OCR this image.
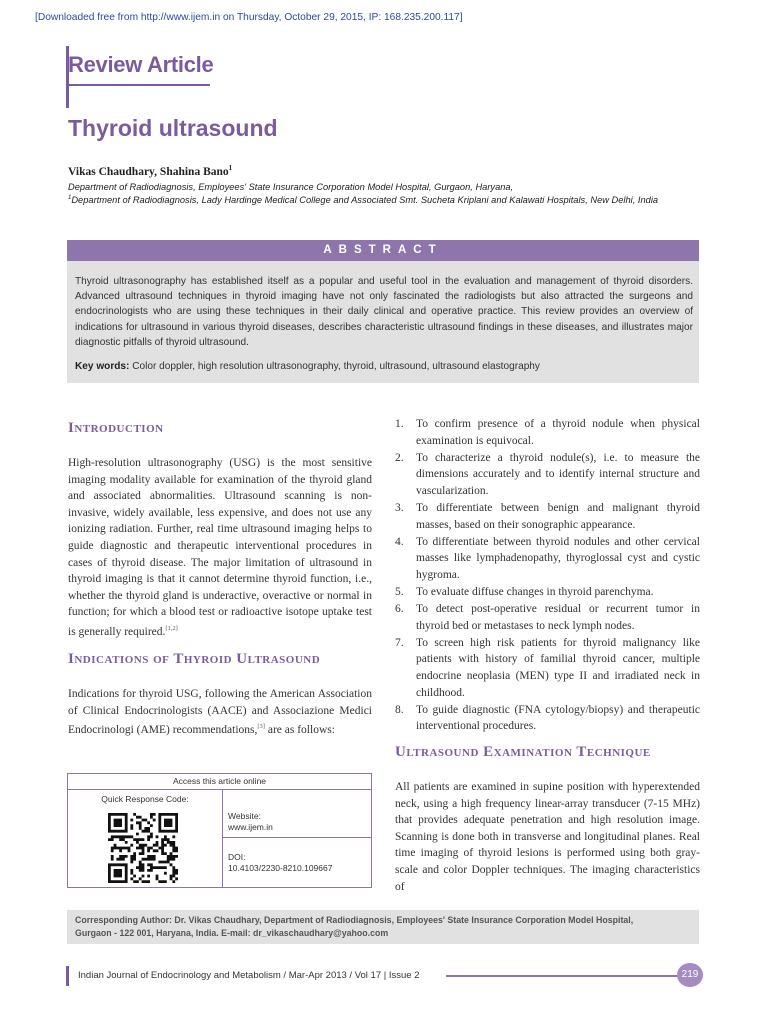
[Downloaded free from http://www.ijem.in on Thursday, October 29, 2015, IP: 168.235.200.117]
Review Article
Thyroid ultrasound
Vikas Chaudhary, Shahina Bano$^1$
Department of Radiodiagnosis, Employees' State Insurance Corporation Model Hospital, Gurgaon, Haryana,
$^1$Department of Radiodiagnosis, Lady Hardinge Medical College and Associated Smt. Sucheta Kriplani and Kalawati Hospitals, New Delhi, India
ABSTRACT
Thyroid ultrasonography has established itself as a popular and useful tool in the evaluation and management of thyroid disorders. Advanced ultrasound techniques in thyroid imaging have not only fascinated the radiologists but also attracted the surgeons and endocrinologists who are using these techniques in their daily clinical and operative practice. This review provides an overview of indications for ultrasound in various thyroid diseases, describes characteristic ultrasound findings in these diseases, and illustrates major diagnostic pitfalls of thyroid ultrasound.
Key words: Color doppler, high resolution ultrasonography, thyroid, ultrasound, ultrasound elastography
Introduction
High-resolution ultrasonography (USG) is the most sensitive imaging modality available for examination of the thyroid gland and associated abnormalities. Ultrasound scanning is non-invasive, widely available, less expensive, and does not use any ionizing radiation. Further, real time ultrasound imaging helps to guide diagnostic and therapeutic interventional procedures in cases of thyroid disease. The major limitation of ultrasound in thyroid imaging is that it cannot determine thyroid function, i.e., whether the thyroid gland is underactive, overactive or normal in function; for which a blood test or radioactive isotope uptake test is generally required.[1,2]
Indications of Thyroid Ultrasound
Indications for thyroid USG, following the American Association of Clinical Endocrinologists (AACE) and Associazione Medici Endocrinologi (AME) recommendations,[3] are as follows:
1. To confirm presence of a thyroid nodule when physical examination is equivocal.
2. To characterize a thyroid nodule(s), i.e. to measure the dimensions accurately and to identify internal structure and vascularization.
3. To differentiate between benign and malignant thyroid masses, based on their sonographic appearance.
4. To differentiate between thyroid nodules and other cervical masses like lymphadenopathy, thyroglossal cyst and cystic hygroma.
5. To evaluate diffuse changes in thyroid parenchyma.
6. To detect post-operative residual or recurrent tumor in thyroid bed or metastases to neck lymph nodes.
7. To screen high risk patients for thyroid malignancy like patients with history of familial thyroid cancer, multiple endocrine neoplasia (MEN) type II and irradiated neck in childhood.
8. To guide diagnostic (FNA cytology/biopsy) and therapeutic interventional procedures.
Ultrasound Examination Technique
All patients are examined in supine position with hyperextended neck, using a high frequency linear-array transducer (7-15 MHz) that provides adequate penetration and high resolution image. Scanning is done both in transverse and longitudinal planes. Real time imaging of thyroid lesions is performed using both gray-scale and color Doppler techniques. The imaging characteristics of
Access this article online
Quick Response Code:
Website:
www.ijem.in
DOI:
10.4103/2230-8210.109667
Corresponding Author: Dr. Vikas Chaudhary, Department of Radiodiagnosis, Employees' State Insurance Corporation Model Hospital,
Gurgaon - 122 001, Haryana, India. E-mail: dr_vikaschaudhary@yahoo.com
Indian Journal of Endocrinology and Metabolism / Mar-Apr 2013 / Vol 17 | Issue 2	219
